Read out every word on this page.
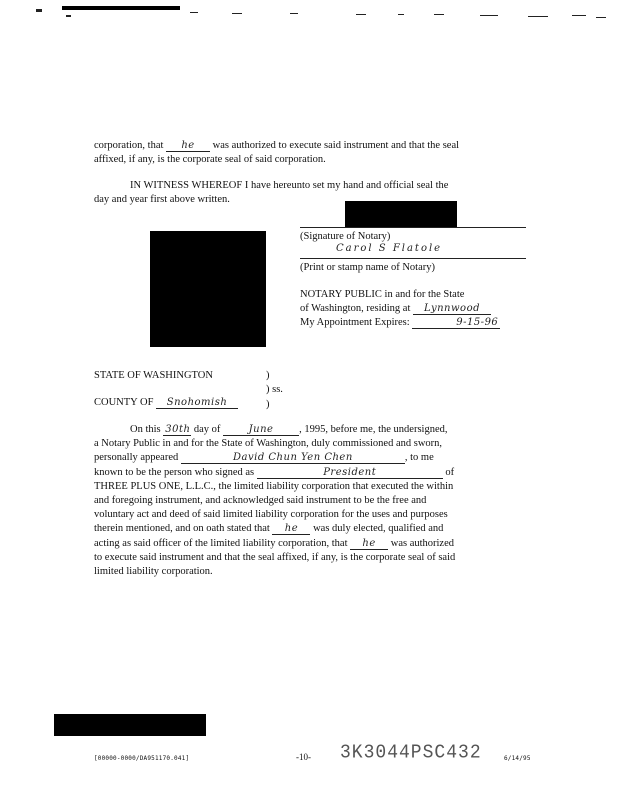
corporation, that he was authorized to execute said instrument and that the seal
affixed, if any, is the corporate seal of said corporation.
IN WITNESS WHEREOF I have hereunto set my hand and official seal the
day and year first above written.
(Signature of Notary)
Carol S Flatole
(Print or stamp name of Notary)
NOTARY PUBLIC in and for the State
of Washington, residing at Lynnwood
My Appointment Expires:	9-15-96
STATE OF WASHINGTON	)
) ss.
)
COUNTY OF Snohomish
On this 30th day of	June , 1995, before me, the undersigned,
a Notary Public in and for the State of Washington, duly commissioned and sworn,
personally appeared	David Chun Yen Chen	, to me
known to be the person who signed as	President	of
THREE PLUS ONE, L.L.C., the limited liability corporation that executed the within
and foregoing instrument, and acknowledged said instrument to be the free and
voluntary act and deed of said limited liability corporation for the uses and purposes
therein mentioned, and on oath stated that he was duly elected, qualified and
acting as said officer of the limited liability corporation, that he was authorized
to execute said instrument and that the seal affixed, if any, is the corporate seal of said
limited liability corporation.
[00000-0000/DA951170.041]	-10- 3K3044PSC432	6/14/95
